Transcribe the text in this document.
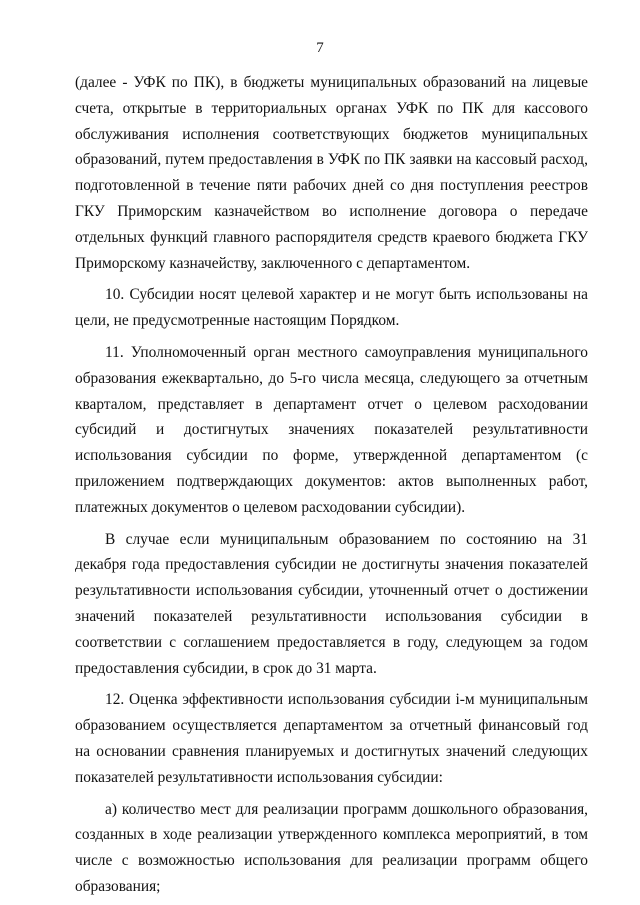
7

(далее - УФК по ПК), в бюджеты муниципальных образований на лицевые счета, открытые в территориальных органах УФК по ПК для кассового обслуживания исполнения соответствующих бюджетов муниципальных образований, путем предоставления в УФК по ПК заявки на кассовый расход, подготовленной в течение пяти рабочих дней со дня поступления реестров ГКУ Приморским казначейством во исполнение договора о передаче отдельных функций главного распорядителя средств краевого бюджета ГКУ Приморскому казначейству, заключенного с департаментом.

10. Субсидии носят целевой характер и не могут быть использованы на цели, не предусмотренные настоящим Порядком.

11. Уполномоченный орган местного самоуправления муниципального образования ежеквартально, до 5-го числа месяца, следующего за отчетным кварталом, представляет в департамент отчет о целевом расходовании субсидий и достигнутых значениях показателей результативности использования субсидии по форме, утвержденной департаментом (с приложением подтверждающих документов: актов выполненных работ, платежных документов о целевом расходовании субсидии).

В случае если муниципальным образованием по состоянию на 31 декабря года предоставления субсидии не достигнуты значения показателей результативности использования субсидии, уточненный отчет о достижении значений показателей результативности использования субсидии в соответствии с соглашением предоставляется в году, следующем за годом предоставления субсидии, в срок до 31 марта.

12. Оценка эффективности использования субсидии i-м муниципальным образованием осуществляется департаментом за отчетный финансовый год на основании сравнения планируемых и достигнутых значений следующих показателей результативности использования субсидии:

а) количество мест для реализации программ дошкольного образования, созданных в ходе реализации утвержденного комплекса мероприятий, в том числе с возможностью использования для реализации программ общего образования;
